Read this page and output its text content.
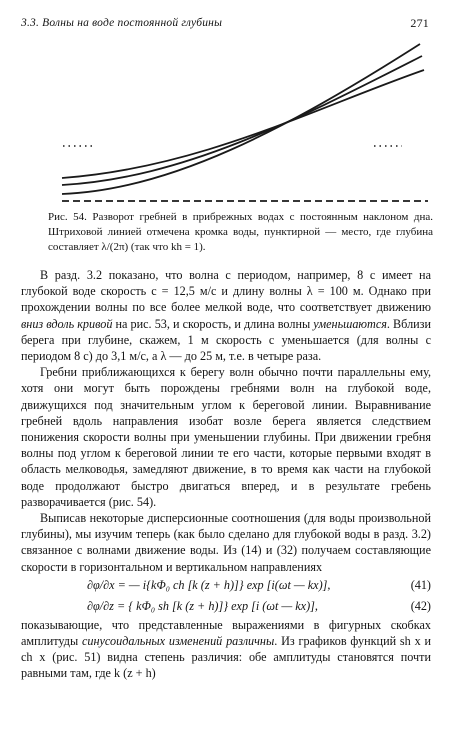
3.3. Волны на воде постоянной глубины	271
Рис. 54. Разворот гребней в прибрежных водах с постоянным наклоном дна. Штриховой линией отмечена кромка воды, пунктирной — место, где глубина составляет λ/(2π) (так что kh = 1).

В разд. 3.2 показано, что волна с периодом, например, 8 с имеет на глубокой воде скорость c = 12,5 м/с и длину волны λ = 100 м. Однако при прохождении волны по все более мелкой воде, что соответствует движению вниз вдоль кривой на рис. 53, и скорость, и длина волны уменьшаются. Вблизи берега при глубине, скажем, 1 м скорость c уменьшается (для волны с периодом 8 с) до 3,1 м/с, а λ — до 25 м, т.е. в четыре раза.

Гребни приближающихся к берегу волн обычно почти параллельны ему, хотя они могут быть порождены гребнями волн на глубокой воде, движущихся под значительным углом к береговой линии. Выравнивание гребней вдоль направления изобат возле берега является следствием понижения скорости волны при уменьшении глубины. При движении гребня волны под углом к береговой линии те его части, которые первыми входят в область мелководья, замедляют движение, в то время как части на глубокой воде продолжают быстро двигаться вперед, и в результате гребень разворачивается (рис. 54).

Выписав некоторые дисперсионные соотношения (для воды произвольной глубины), мы изучим теперь (как было сделано для глубокой воды в разд. 3.2) связанное с волнами движение воды. Из (14) и (32) получаем составляющие скорости в горизонтальном и вертикальном направлениях

∂φ/∂x = — i{kΦ₀ ch [k (z + h)]} exp [i(ωt — kx)],	(41)
∂φ/∂z = { kΦ₀ sh [k (z + h)]} exp [i (ωt — kx)],	(42)

показывающие, что представленные выражениями в фигурных скобках амплитуды синусоидальных изменений различны. Из графиков функций sh x и ch x (рис. 51) видна степень различия: обе амплитуды становятся почти равными там, где k (z + h)
